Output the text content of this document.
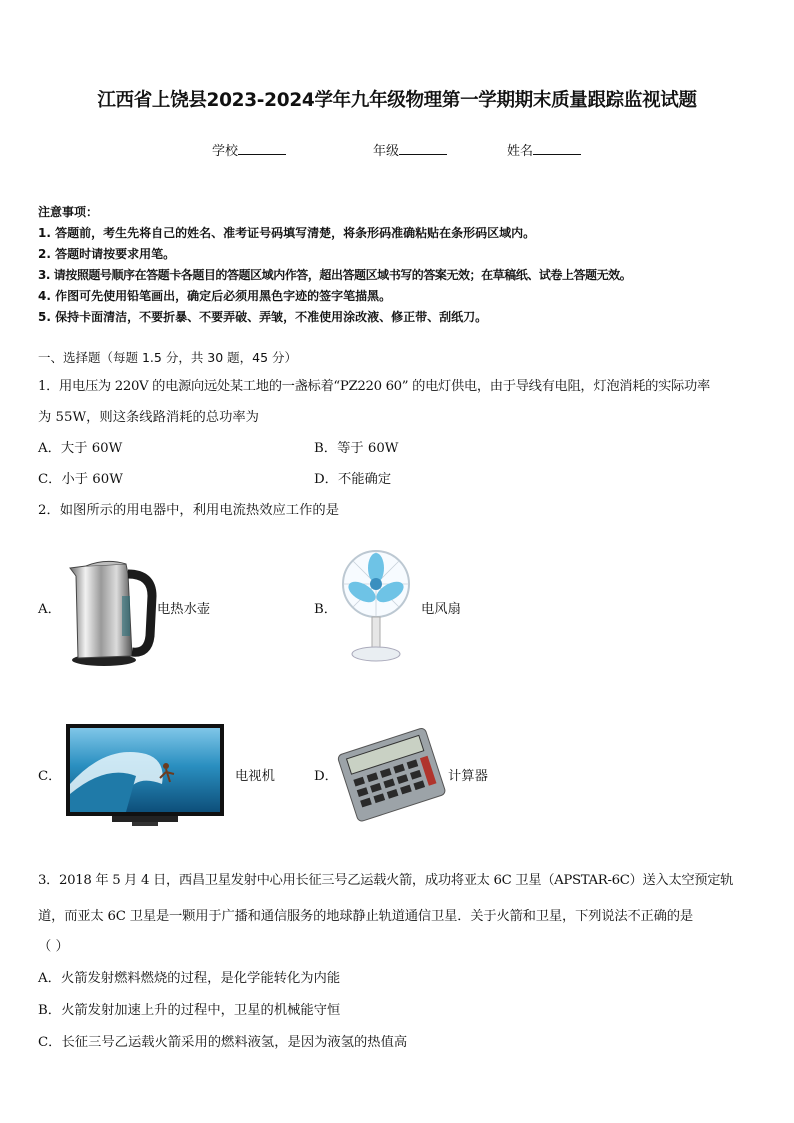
江西省上饶县2023-2024学年九年级物理第一学期期末质量跟踪监视试题
学校	年级	姓名
注意事项：
1. 答题前，考生先将自己的姓名、准考证号码填写清楚，将条形码准确粘贴在条形码区域内。
2. 答题时请按要求用笔。
3. 请按照题号顺序在答题卡各题目的答题区域内作答，超出答题区域书写的答案无效；在草稿纸、试卷上答题无效。
4. 作图可先使用铅笔画出，确定后必须用黑色字迹的签字笔描黑。
5. 保持卡面清洁，不要折暴、不要弄破、弄皱，不准使用涂改液、修正带、刮纸刀。
一、选择题（每题 1.5 分，共 30 题，45 分）
1．用电压为 220V 的电源向远处某工地的一盏标着“PZ220 60” 的电灯供电，由于导线有电阻，灯泡消耗的实际功率
为 55W，则这条线路消耗的总功率为
A．大于 60W	B．等于 60W
C．小于 60W	D．不能确定
2．如图所示的用电器中，利用电流热效应工作的是
A．	电热水壶	B．	电风扇
C．	电视机	D．	计算器
3．2018 年 5 月 4 日，西昌卫星发射中心用长征三号乙运载火箭，成功将亚太 6C 卫星（APSTAR-6C）送入太空预定轨
道，而亚太 6C 卫星是一颗用于广播和通信服务的地球静止轨道通信卫星．关于火箭和卫星，下列说法不正确的是
（ ）
A．火箭发射燃料燃烧的过程，是化学能转化为内能
B．火箭发射加速上升的过程中，卫星的机械能守恒
C．长征三号乙运载火箭采用的燃料液氢，是因为液氢的热值高
